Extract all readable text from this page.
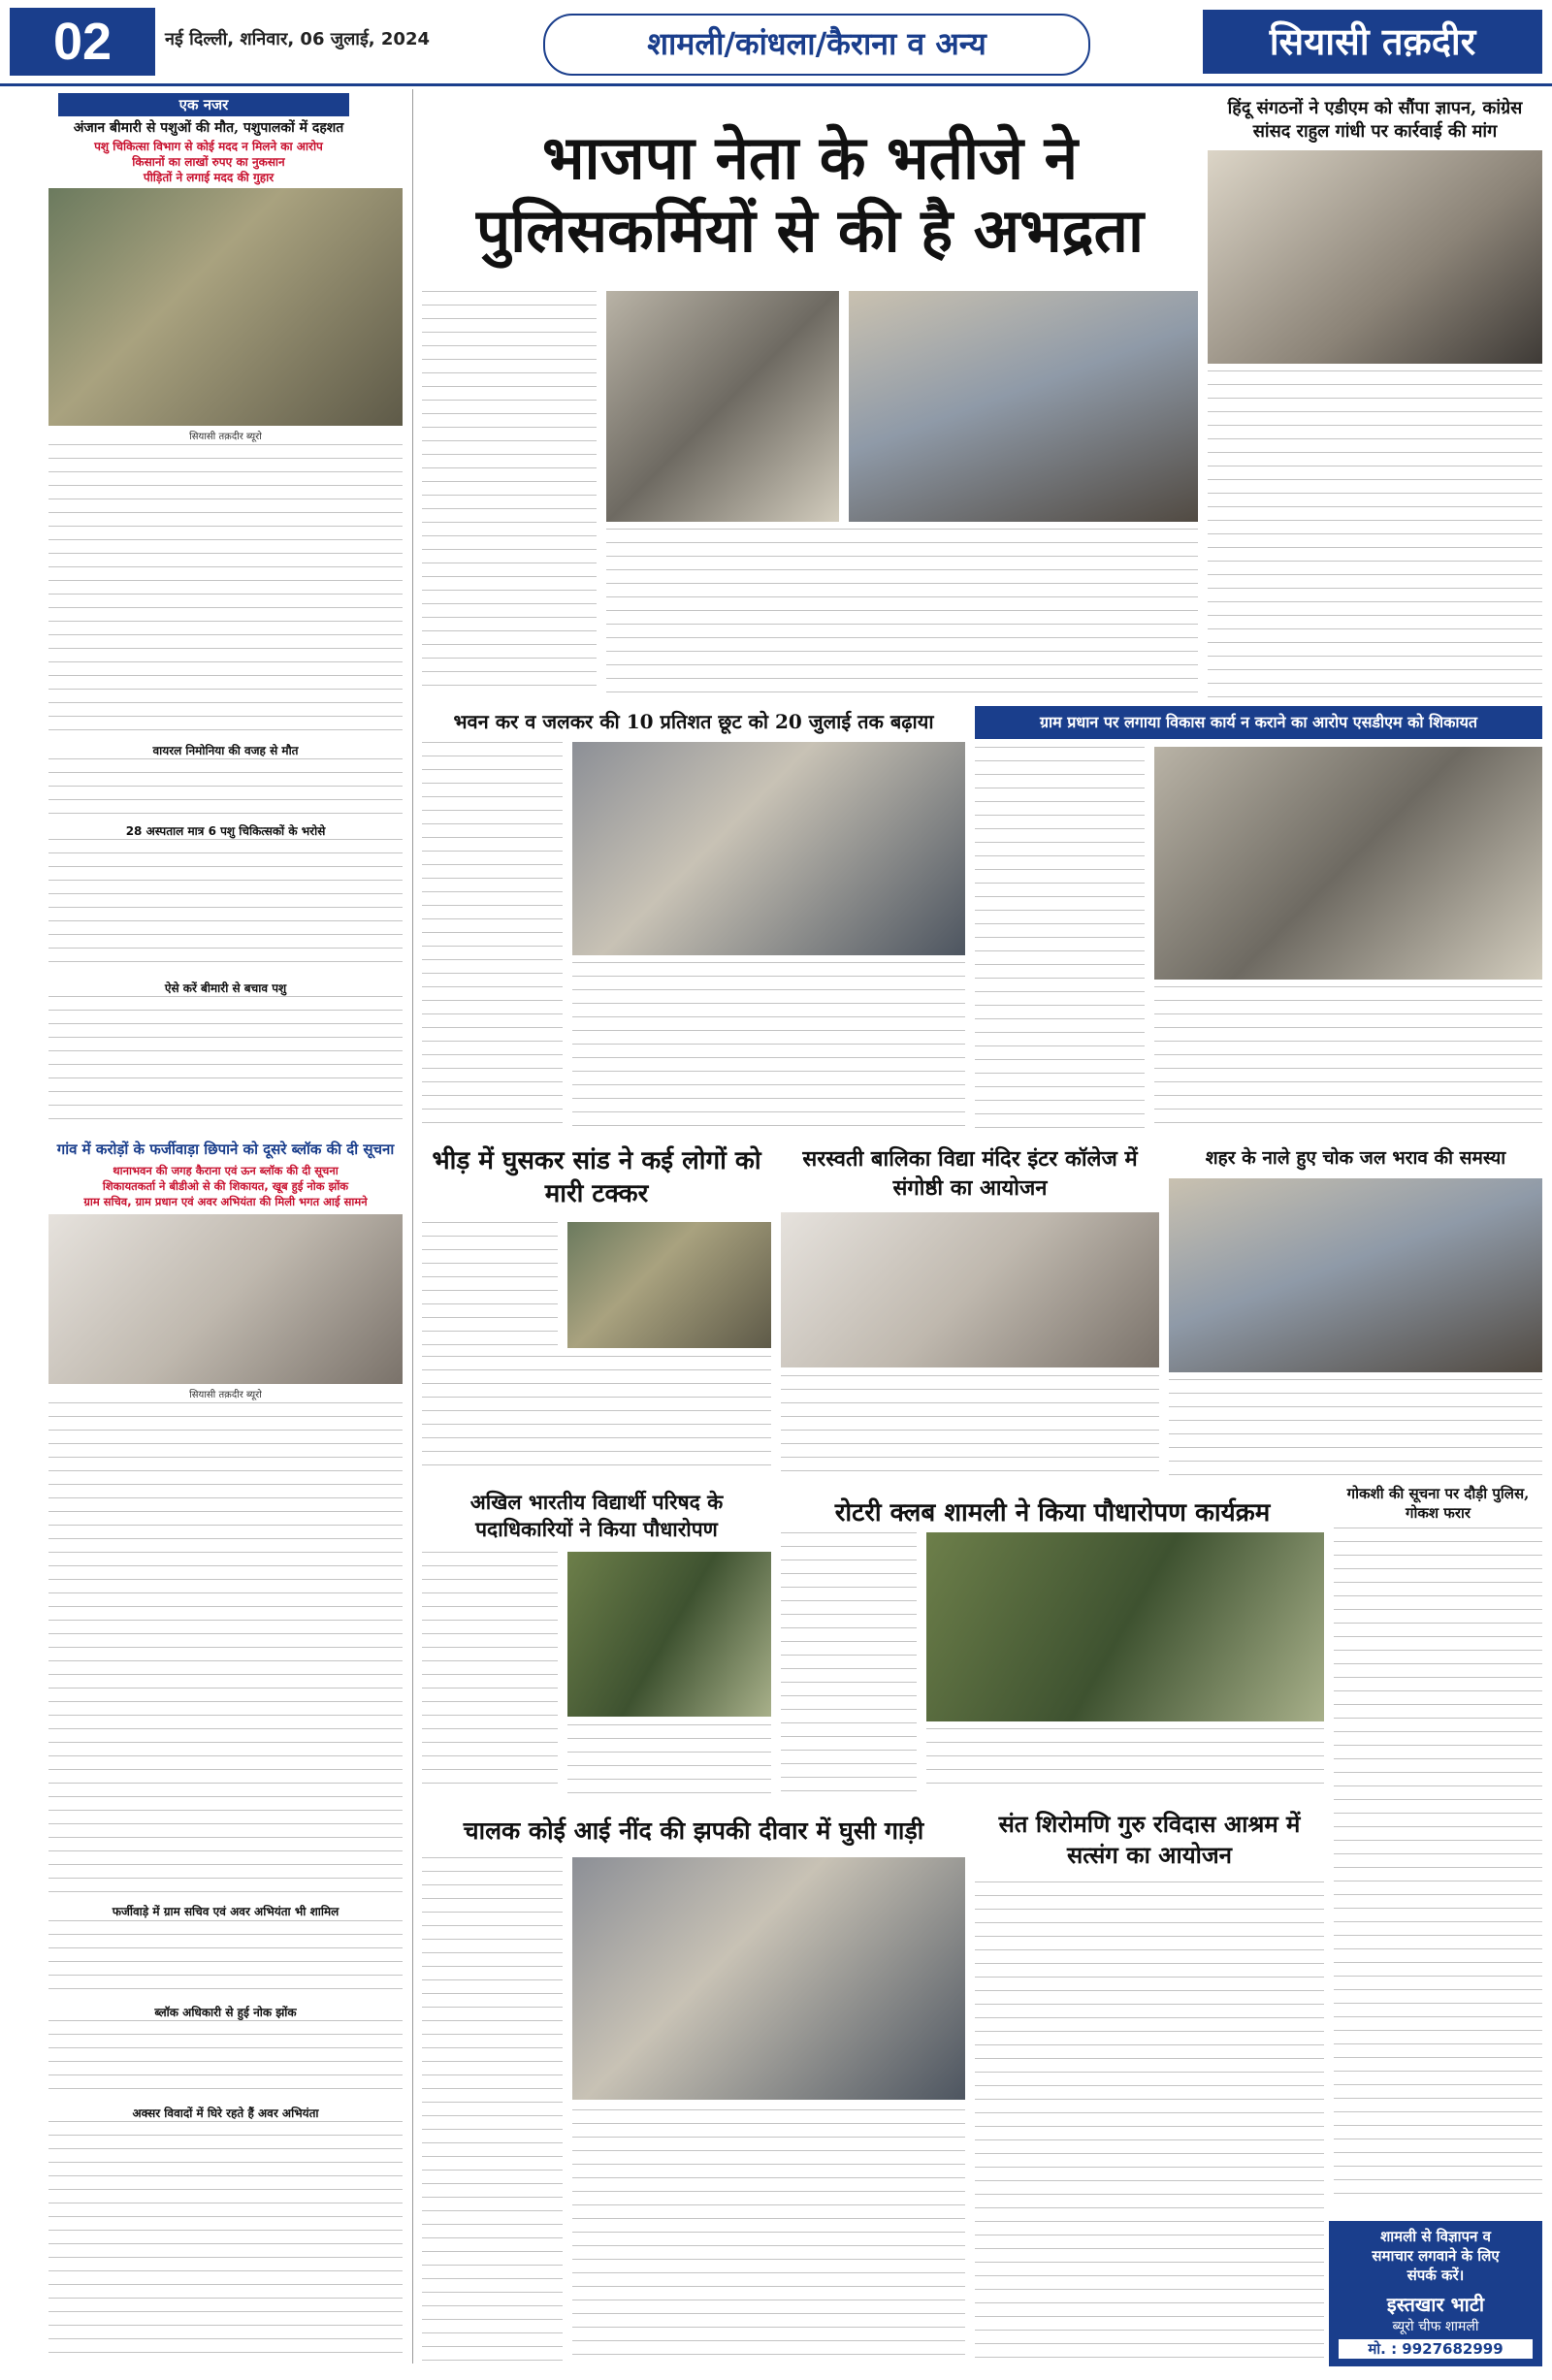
02	नई दिल्ली, शनिवार, 06 जुलाई, 2024	शामली/कांधला/कैराना व अन्य	सियासी तक़दीर
एक नजर
अंजान बीमारी से पशुओं की मौत, पशुपालकों में दहशत
पशु चिकित्सा विभाग से कोई मदद न मिलने का आरोप
किसानों का लाखों रुपए का नुकसान
पीड़ितों ने लगाई मदद की गुहार
सियासी तक़दीर ब्यूरो
वायरल निमोनिया की वजह से मौत
28 अस्पताल मात्र 6 पशु चिकित्सकों के भरोसे
ऐसे करें बीमारी से बचाव पशु
गांव में करोड़ों के फर्जीवाड़ा छिपाने को दूसरे ब्लॉक की दी सूचना
थानाभवन की जगह कैराना एवं ऊन ब्लॉक की दी सूचना
शिकायतकर्ता ने बीडीओ से की शिकायत, खूब हुई नोक झोंक
ग्राम सचिव, ग्राम प्रधान एवं अवर अभियंता की मिली भगत आई सामने
सियासी तक़दीर ब्यूरो
फर्जीवाड़े में ग्राम सचिव एवं अवर अभियंता भी शामिल
ब्लॉक अधिकारी से हुई नोक झोंक
अक्सर विवादों में घिरे रहते हैं अवर अभियंता
भाजपा नेता के भतीजे ने
पुलिसकर्मियों से की है अभद्रता
हिंदू संगठनों ने एडीएम को सौंपा ज्ञापन, कांग्रेस सांसद राहुल गांधी पर कार्रवाई की मांग
भवन कर व जलकर की 10 प्रतिशत छूट को 20 जुलाई तक बढ़ाया	ग्राम प्रधान पर लगाया विकास कार्य न कराने का आरोप एसडीएम को शिकायत
भीड़ में घुसकर सांड ने कई लोगों को मारी टक्कर
सरस्वती बालिका विद्या मंदिर इंटर कॉलेज में संगोष्ठी का आयोजन
शहर के नाले हुए चोक जल भराव की समस्या
अखिल भारतीय विद्यार्थी परिषद के पदाधिकारियों ने किया पौधारोपण
रोटरी क्लब शामली ने किया पौधारोपण कार्यक्रम
गोकशी की सूचना पर दौड़ी पुलिस, गोकश फरार
चालक कोई आई नींद की झपकी दीवार में घुसी गाड़ी	संत शिरोमणि गुरु रविदास आश्रम में सत्संग का आयोजन
शामली से विज्ञापन व
समाचार लगवाने के लिए
संपर्क करें।
इस्तखार भाटी
ब्यूरो चीफ शामली
मो. : 9927682999
